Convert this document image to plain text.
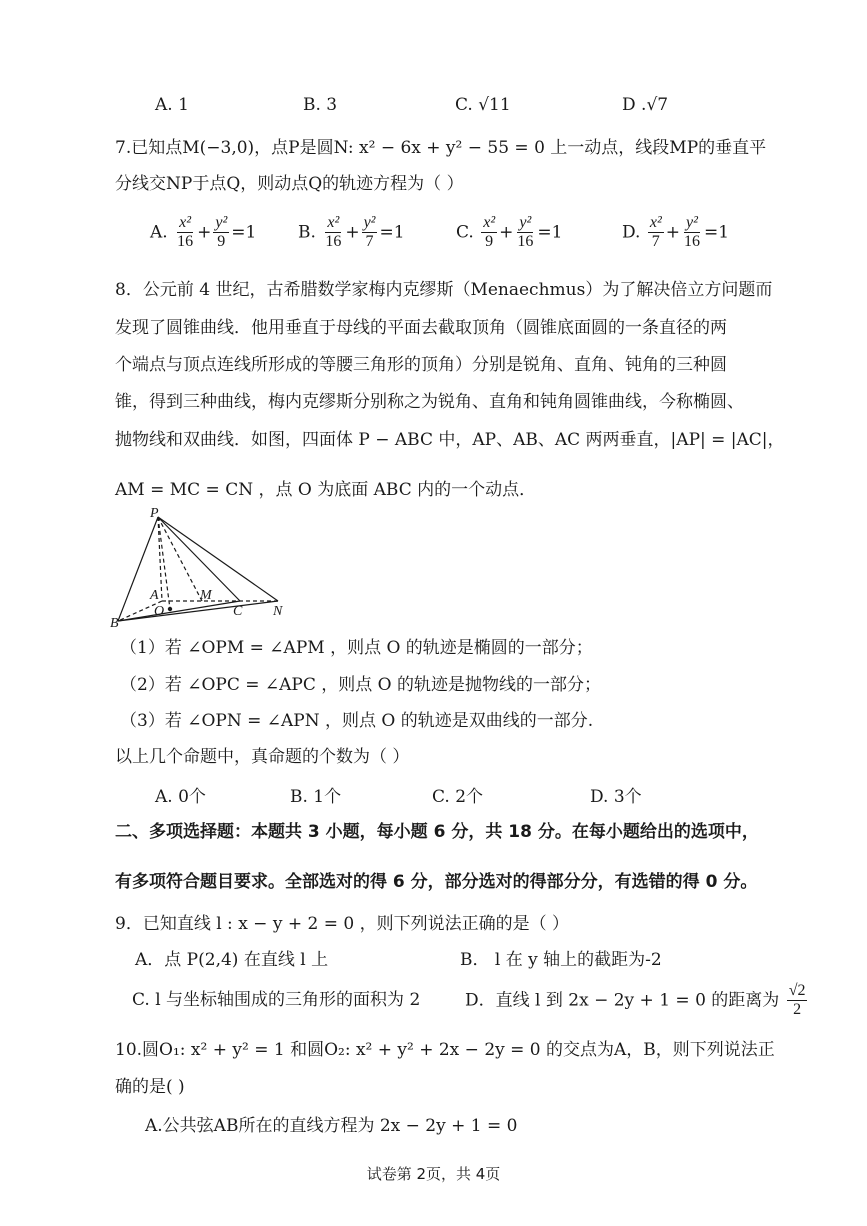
A. 1	B. 3	C. √11	D .√7
7.已知点M(−3,0)，点P是圆N: x² − 6x + y² − 55 = 0 上一动点，线段MP的垂直平
分线交NP于点Q，则动点Q的轨迹方程为（ ）
A. $\frac{\text{x²}}{16} + \frac{\text{y²}}{9} =1$ B. $\frac{\text{x²}}{16} + \frac{\text{y²}}{7} =1$	C. $\frac{\text{x²}}{9} + \frac{\text{y²}}{16} =1$	D. $\frac{\text{x²}}{7} + \frac{\text{y²}}{16} =1$
8．公元前 4 世纪，古希腊数学家梅内克缪斯（Menaechmus）为了解决倍立方问题而
发现了圆锥曲线．他用垂直于母线的平面去截取顶角（圆锥底面圆的一条直径的两
个端点与顶点连线所形成的等腰三角形的顶角）分别是锐角、直角、钝角的三种圆
锥，得到三种曲线，梅内克缪斯分别称之为锐角、直角和钝角圆锥曲线，今称椭圆、
抛物线和双曲线．如图，四面体 P − ABC 中，AP、AB、AC 两两垂直，|AP| = |AC|，
AM = MC = CN ，点 O 为底面 ABC 内的一个动点．
P
A	M
O	C N
B
（1）若 ∠OPM = ∠APM ，则点 O 的轨迹是椭圆的一部分；
（2）若 ∠OPC = ∠APC ，则点 O 的轨迹是抛物线的一部分；
（3）若 ∠OPN = ∠APN ，则点 O 的轨迹是双曲线的一部分.
以上几个命题中，真命题的个数为（ ）
A. 0个	B. 1个	C. 2个	D. 3个
二、多项选择题：本题共 3 小题，每小题 6 分，共 18 分。在每小题给出的选项中，
有多项符合题目要求。全部选对的得 6 分，部分选对的得部分分，有选错的得 0 分。
9．已知直线 l : x − y + 2 = 0 ，则下列说法正确的是（ ）
A．点 P(2,4) 在直线 l 上	B． l 在 y 轴上的截距为-2
C. l 与坐标轴围成的三角形的面积为 2	D．直线 l 到 2x − 2y + 1 = 0 的距离为 $\frac{√2}{2}$
10.圆O₁: x² + y² = 1 和圆O₂: x² + y² + 2x − 2y = 0 的交点为A，B，则下列说法正
确的是( )
A.公共弦AB所在的直线方程为 2x − 2y + 1 = 0
试卷第 2页，共 4页
